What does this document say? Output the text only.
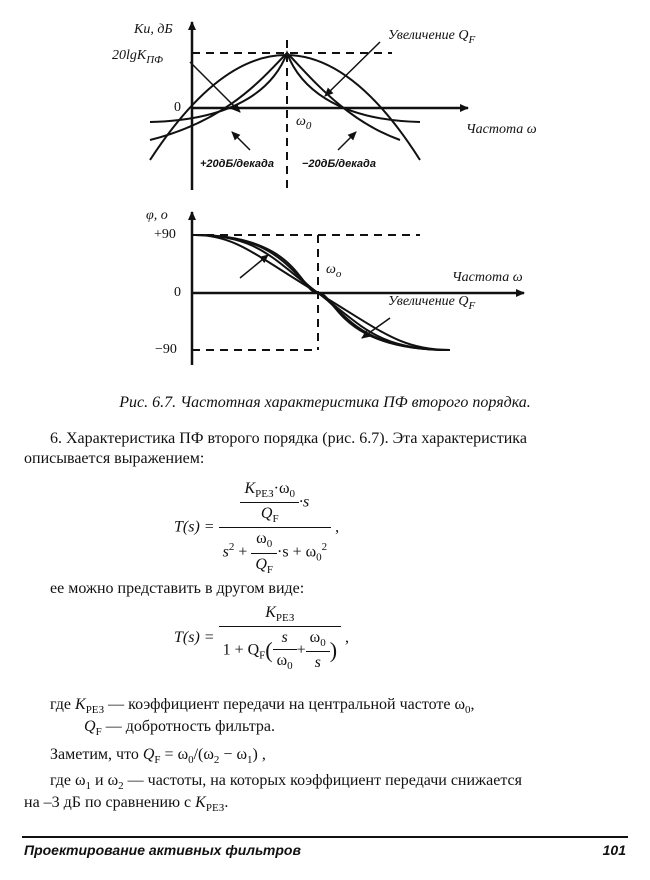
Ku, дБ
20lgK$_{ПФ}$
0
$\omega_0$	Частота ω
Увеличение $Q_F$
+20дБ/декада	−20дБ/декада
φ, о
+90
0
−90
$\omega_o$	Частота ω
Увеличение $Q_F$
Рис. 6.7. Частотная характеристика ПФ второго порядка.
6. Характеристика ПФ второго порядка (рис. 6.7). Эта характеристика
описывается выражением:
$T(s) = \frac{\frac{K_{РЕЗ}\cdot\omega_0}{Q_F} \cdot s}{s^2 + \frac{\omega_0}{Q_F} \cdot s + \omega_0^2}$ ,
ее можно представить в другом виде:
$T(s) = \frac{K_{РЕЗ}}{1 + Q_F( \frac{s}{\omega_0} + \frac{\omega_0}{s} )}$ ,
где $K_{РЕЗ}$ — коэффициент передачи на центральной частоте $\omega_0$,
$Q_F$ — добротность фильтра.
Заметим, что $Q_F = \omega_0/(\omega_2 - \omega_1)$ ,
где $\omega_1$ и $\omega_2$ — частоты, на которых коэффициент передачи снижается
на –3 дБ по сравнению с $K_{РЕЗ}$.
Проектирование активных фильтров	101
